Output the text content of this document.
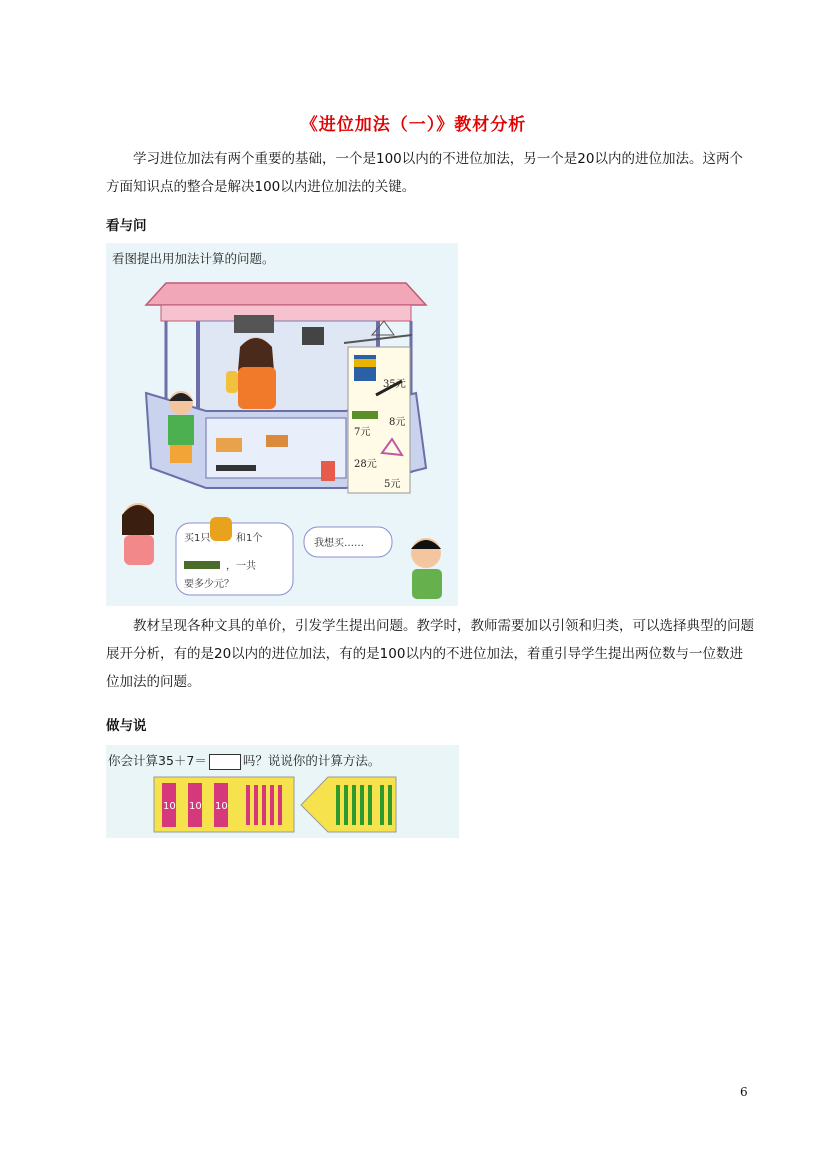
《进位加法（一）》教材分析

学习进位加法有两个重要的基础，一个是100以内的不进位加法，另一个是20以内的进位加法。这两个方面知识点的整合是解决100以内进位加法的关键。

看与问
看图提出用加法计算的问题。
35元
8元
7元
28元
5元
买1只	和1个
，一共
要多少元？
我想买……

教材呈现各种文具的单价，引发学生提出问题。教学时，教师需要加以引领和归类，可以选择典型的问题展开分析，有的是20以内的进位加法，有的是100以内的不进位加法，着重引导学生提出两位数与一位数进位加法的问题。

做与说
你会计算35＋7＝	吗？说说你的计算方法。
10 10 10
6
